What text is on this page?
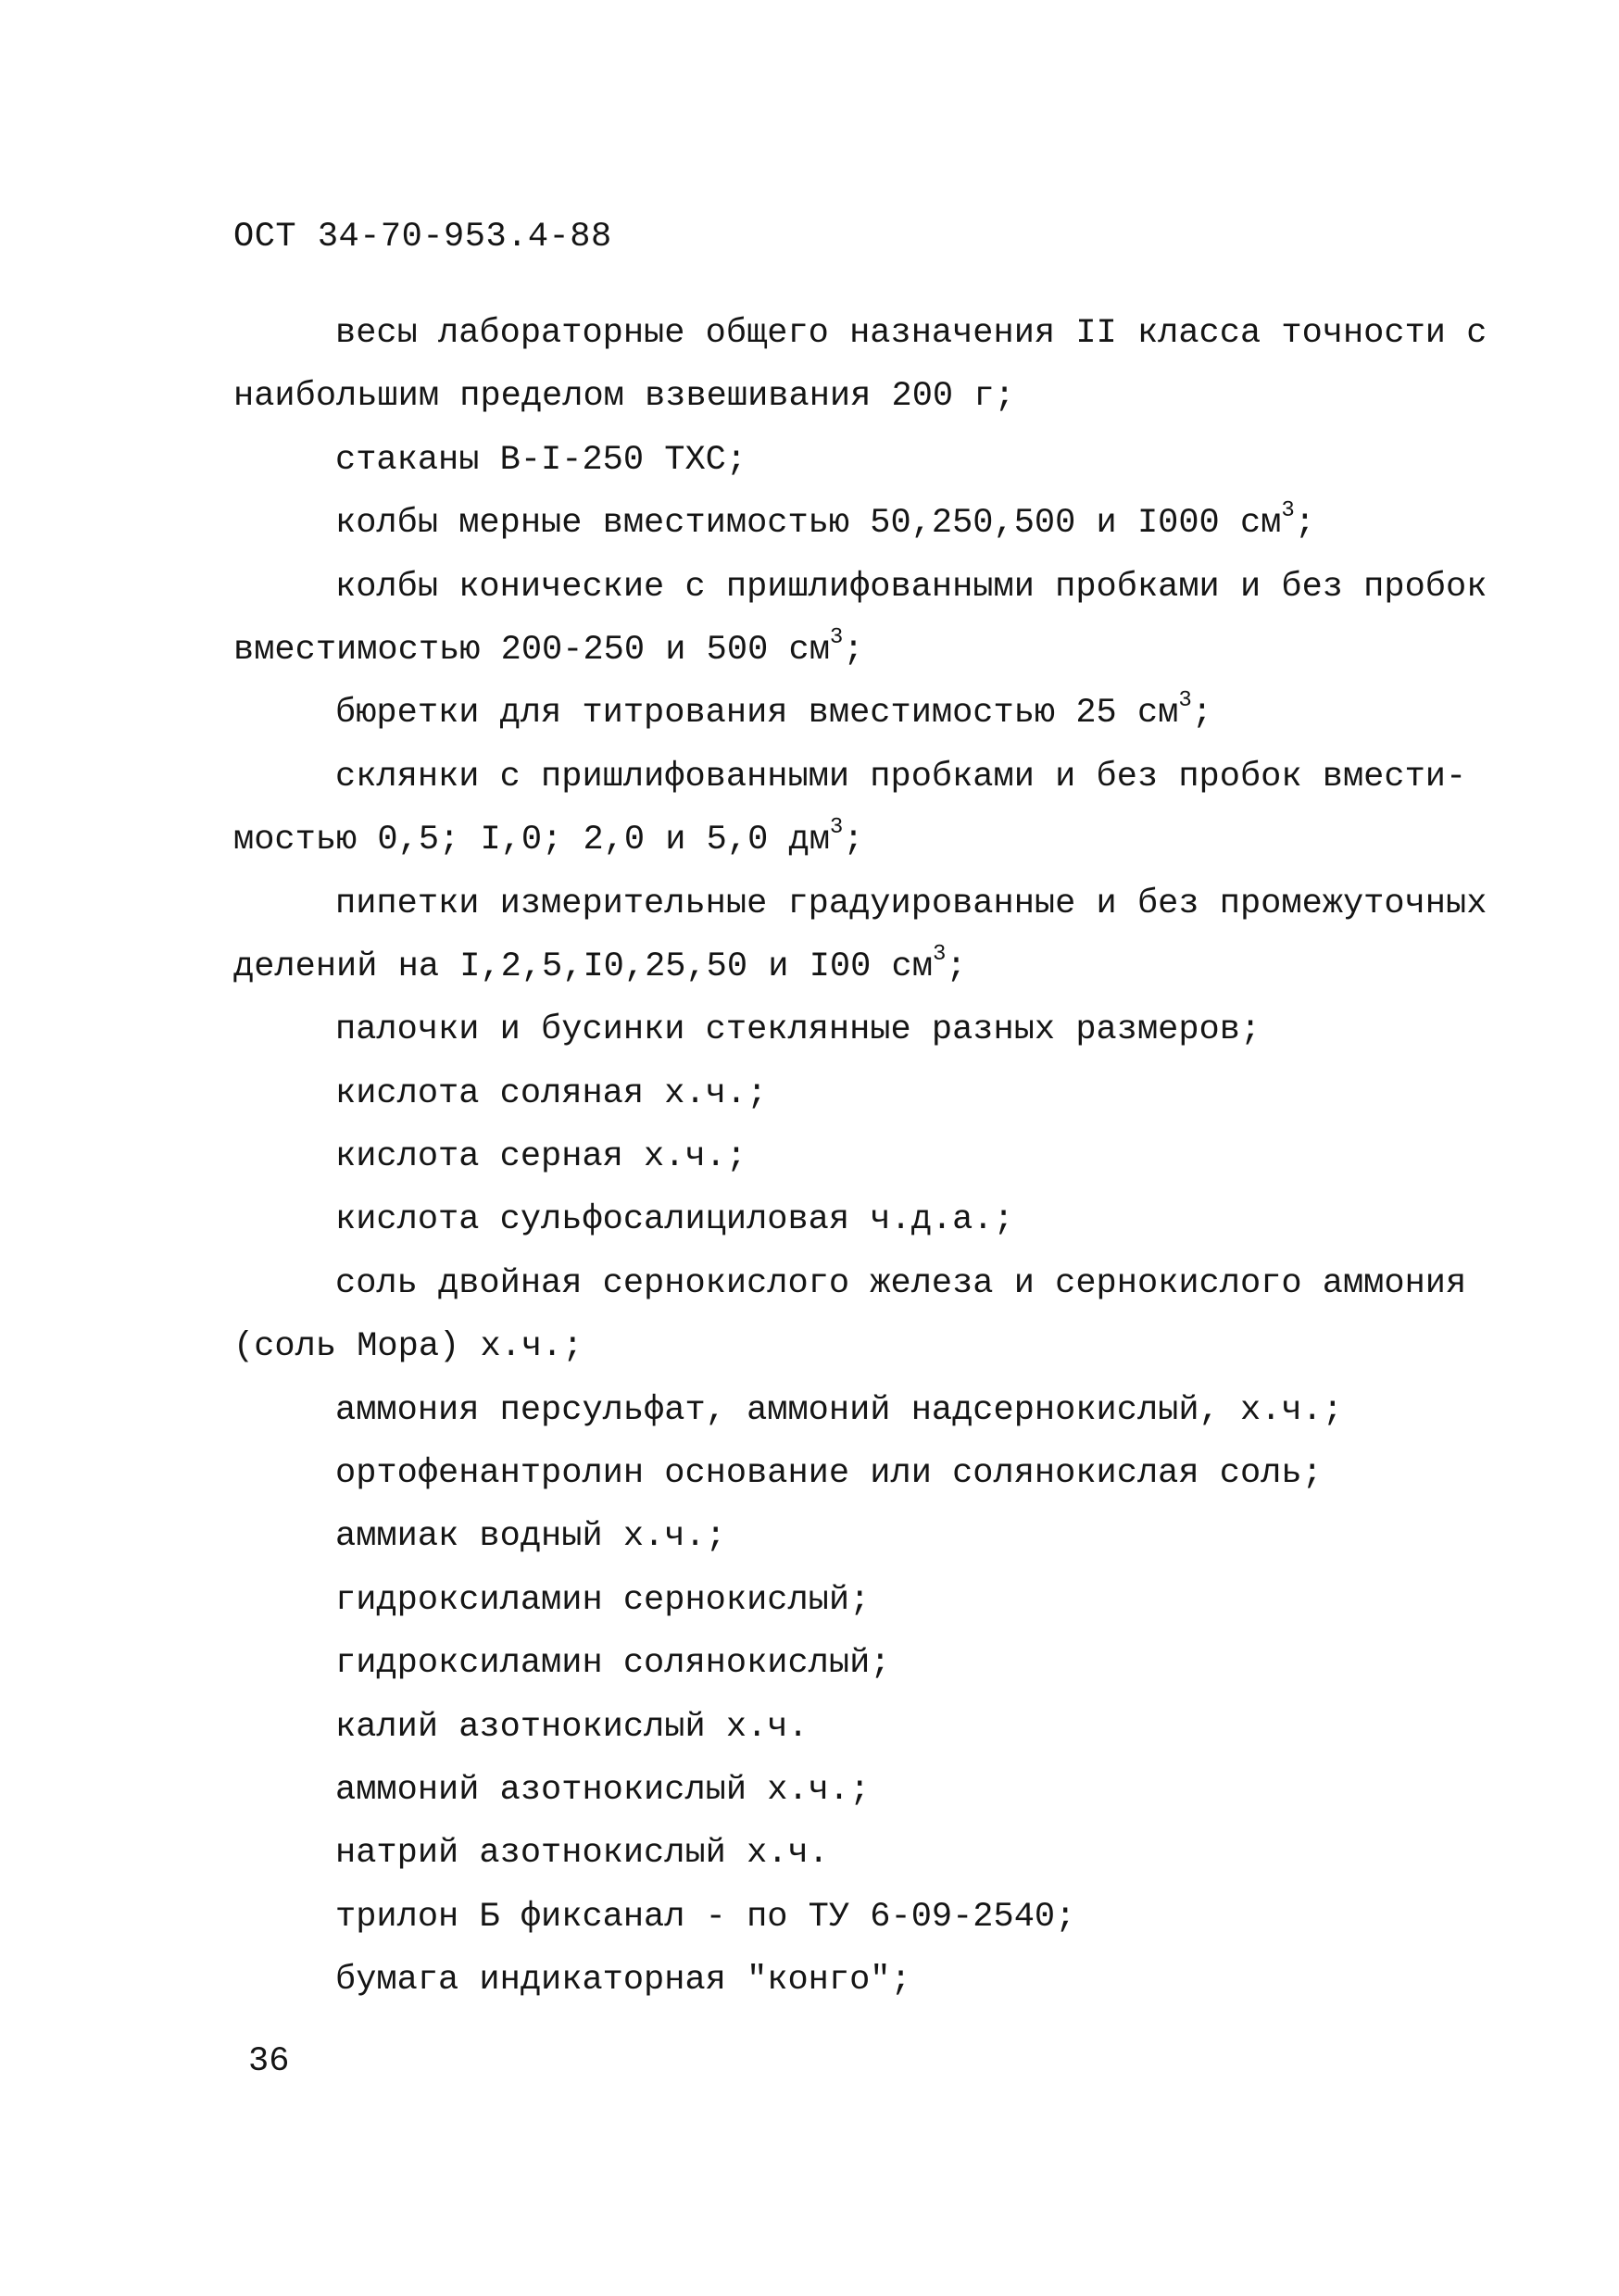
ОСТ 34-70-953.4-88
весы лабораторные общего назначения II класса точности с
наибольшим пределом взвешивания 200 г;
стаканы В-I-250 ТХС;
колбы мерные вместимостью 50,250,500 и I000 $см^3$;
колбы конические с пришлифованными пробками и без пробок
вместимостью 200-250 и 500 $см^3$;
бюретки для титрования вместимостью 25 $см^3$;
склянки с пришлифованными пробками и без пробок вмести-
мостью 0,5; I,0; 2,0 и 5,0 $дм^3$;
пипетки измерительные градуированные и без промежуточных
делений на I,2,5,I0,25,50 и I00 $см^3$;
палочки и бусинки стеклянные разных размеров;
кислота соляная х.ч.;
кислота серная х.ч.;
кислота сульфосалициловая ч.д.а.;
соль двойная сернокислого железа и сернокислого аммония
(соль Мора) х.ч.;
аммония персульфат, аммоний надсернокислый, х.ч.;
ортофенантролин основание или солянокислая соль;
аммиак водный х.ч.;
гидроксиламин сернокислый;
гидроксиламин солянокислый;
калий азотнокислый х.ч.
аммоний азотнокислый х.ч.;
натрий азотнокислый х.ч.
трилон Б фиксанал - по ТУ 6-09-2540;
бумага индикаторная "конго";
36
